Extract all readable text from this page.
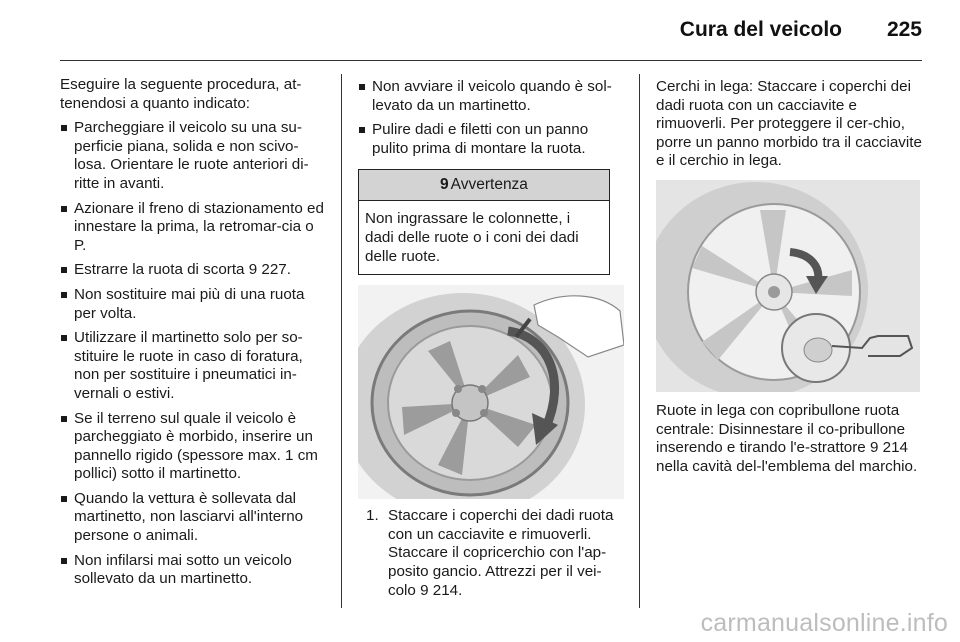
Cura del veicolo 225

Eseguire la seguente procedura, at-tenendosi a quanto indicato:

Parcheggiare il veicolo su una su-perficie piana, solida e non scivo-losa. Orientare le ruote anteriori di-ritte in avanti.
Azionare il freno di stazionamento ed innestare la prima, la retromar-cia o P.
Estrarre la ruota di scorta 9 227.
Non sostituire mai più di una ruota per volta.
Utilizzare il martinetto solo per so-stituire le ruote in caso di foratura, non per sostituire i pneumatici in-vernali o estivi.
Se il terreno sul quale il veicolo è parcheggiato è morbido, inserire un pannello rigido (spessore max. 1 cm pollici) sotto il martinetto.
Quando la vettura è sollevata dal martinetto, non lasciarvi all'interno persone o animali.
Non infilarsi mai sotto un veicolo sollevato da un martinetto.
Non avviare il veicolo quando è sol-levato da un martinetto.
Pulire dadi e filetti con un panno pulito prima di montare la ruota.
9 Avvertenza
Non ingrassare le colonnette, i dadi delle ruote o i coni dei dadi delle ruote.
1. Staccare i coperchi dei dadi ruota con un cacciavite e rimuoverli. Staccare il copricerchio con l'ap-posito gancio. Attrezzi per il vei-colo 9 214.

Cerchi in lega: Staccare i coperchi dei dadi ruota con un cacciavite e rimuoverli. Per proteggere il cer-chio, porre un panno morbido tra il cacciavite e il cerchio in lega.

Ruote in lega con copribullone ruota centrale: Disinnestare il co-pribullone inserendo e tirando l'e-strattore 9 214 nella cavità del-l'emblema del marchio.

carmanualsonline.info
